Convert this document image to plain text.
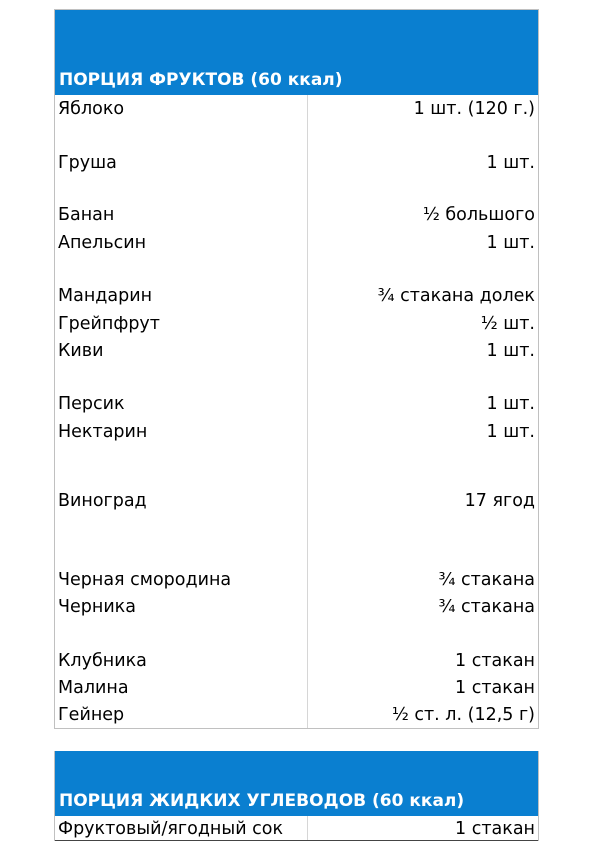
ПОРЦИЯ ФРУКТОВ (60 ккал)
Яблоко	1 шт. (120 г.)
Груша	1 шт.
Банан	½ большого
Апельсин	1 шт.
Мандарин	¾ стакана долек
Грейпфрут	½ шт.
Киви	1 шт.
Персик	1 шт.
Нектарин	1 шт.
Виноград	17 ягод
Черная смородина	¾ стакана
Черника	¾ стакана
Клубника	1 стакан
Малина	1 стакан
Гейнер	½ ст. л. (12,5 г)
ПОРЦИЯ ЖИДКИХ УГЛЕВОДОВ (60 ккал)
Фруктовый/ягодный сок	1 стакан
